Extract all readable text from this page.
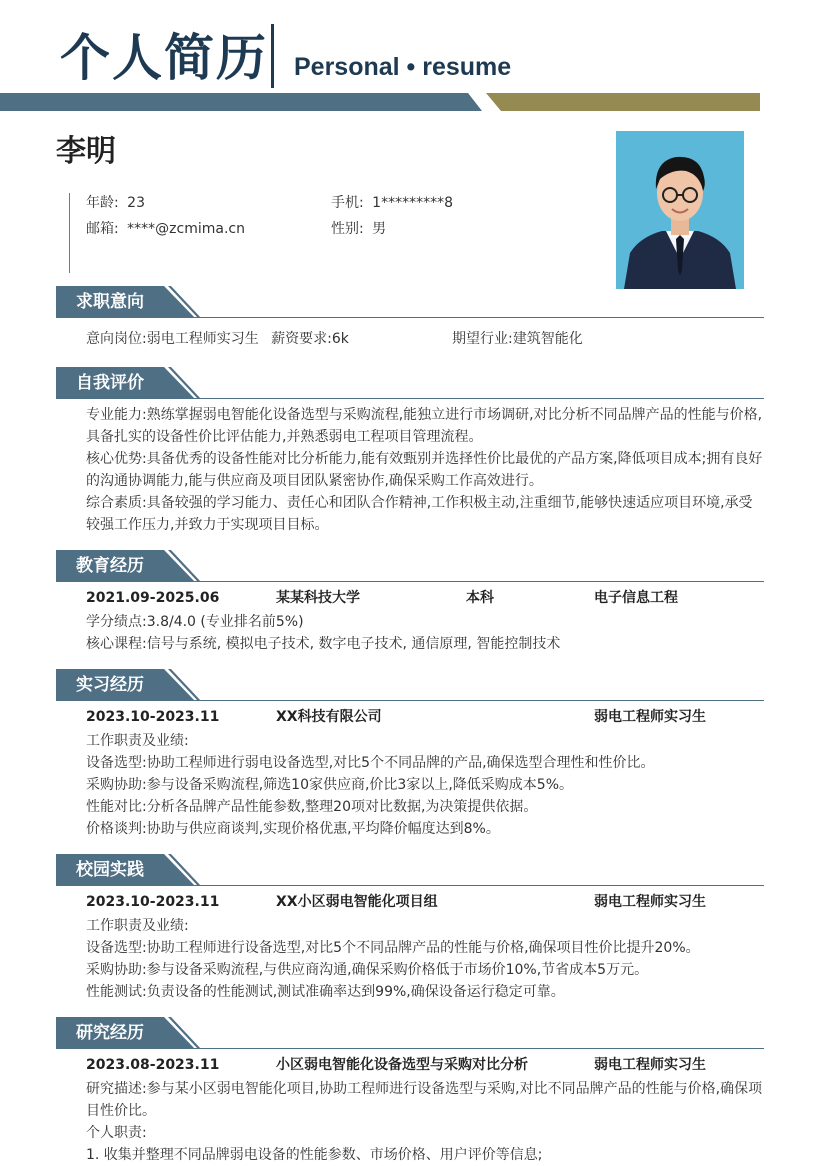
个人简历 Personal • resume
李明
年龄: 23	手机: 1*********8
邮箱: ****@zcmima.cn	性别: 男
求职意向
意向岗位:弱电工程师实习生 薪资要求:6k	期望行业:建筑智能化
自我评价

专业能力:熟练掌握弱电智能化设备选型与采购流程,能独立进行市场调研,对比分析不同品牌产品的性能与价格,具备扎实的设备性价比评估能力,并熟悉弱电工程项目管理流程。

核心优势:具备优秀的设备性能对比分析能力,能有效甄别并选择性价比最优的产品方案,降低项目成本;拥有良好的沟通协调能力,能与供应商及项目团队紧密协作,确保采购工作高效进行。

综合素质:具备较强的学习能力、责任心和团队合作精神,工作积极主动,注重细节,能够快速适应项目环境,承受较强工作压力,并致力于实现项目目标。

教育经历
2021.09-2025.06	某某科技大学	本科	电子信息工程

学分绩点:3.8/4.0 (专业排名前5%)

核心课程:信号与系统, 模拟电子技术, 数字电子技术, 通信原理, 智能控制技术

实习经历
2023.10-2023.11	XX科技有限公司	弱电工程师实习生

工作职责及业绩:

设备选型:协助工程师进行弱电设备选型,对比5个不同品牌的产品,确保选型合理性和性价比。

采购协助:参与设备采购流程,筛选10家供应商,价比3家以上,降低采购成本5%。

性能对比:分析各品牌产品性能参数,整理20项对比数据,为决策提供依据。

价格谈判:协助与供应商谈判,实现价格优惠,平均降价幅度达到8%。

校园实践
2023.10-2023.11	XX小区弱电智能化项目组	弱电工程师实习生

工作职责及业绩:

设备选型:协助工程师进行设备选型,对比5个不同品牌产品的性能与价格,确保项目性价比提升20%。

采购协助:参与设备采购流程,与供应商沟通,确保采购价格低于市场价10%,节省成本5万元。

性能测试:负责设备的性能测试,测试准确率达到99%,确保设备运行稳定可靠。

研究经历
2023.08-2023.11	小区弱电智能化设备选型与采购对比分析	弱电工程师实习生

研究描述:参与某小区弱电智能化项目,协助工程师进行设备选型与采购,对比不同品牌产品的性能与价格,确保项目性价比。

个人职责:

1. 收集并整理不同品牌弱电设备的性能参数、市场价格、用户评价等信息;
